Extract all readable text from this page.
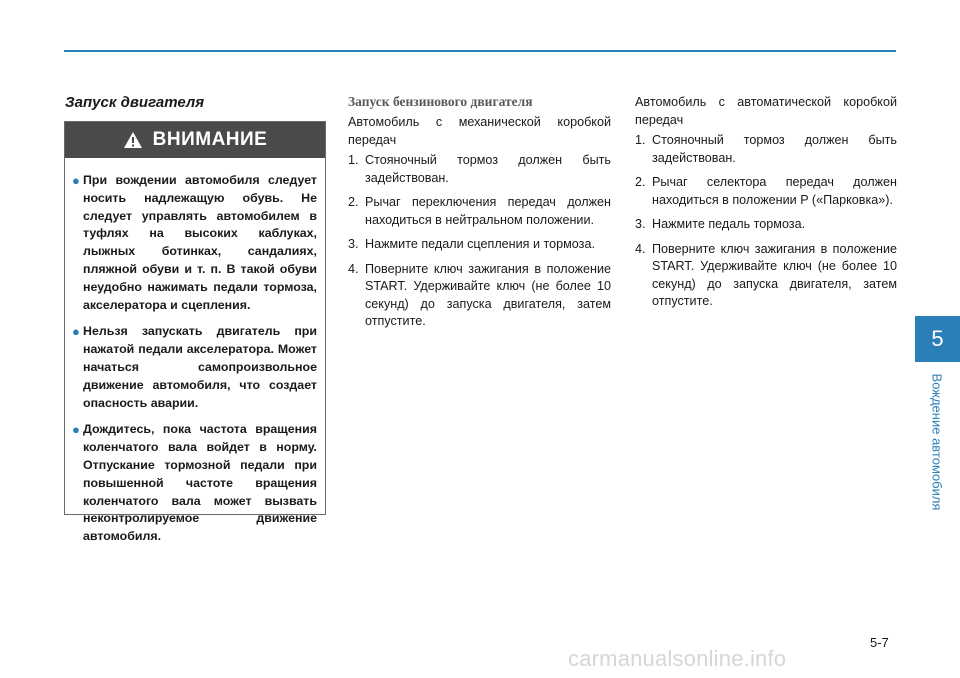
Запуск двигателя
ВНИМАНИЕ
● При вождении автомобиля следует носить надлежащую обувь. Не следует управлять автомобилем в туфлях на высоких каблуках, лыжных ботинках, сандалиях, пляжной обуви и т. п. В такой обуви неудобно нажимать педали тормоза, акселератора и сцепления.
● Нельзя запускать двигатель при нажатой педали акселератора. Может начаться самопроизвольное движение автомобиля, что создает опасность аварии.
● Дождитесь, пока частота вращения коленчатого вала войдет в норму. Отпускание тормозной педали при повышенной частоте вращения коленчатого вала может вызвать неконтролируемое движение автомобиля.
Запуск бензинового двигателя

Автомобиль с механической коробкой передач

1. Стояночный тормоз должен быть задействован.
2. Рычаг переключения передач должен находиться в нейтральном положении.
3. Нажмите педали сцепления и тормоза.
4. Поверните ключ зажигания в положение START. Удерживайте ключ (не более 10 секунд) до запуска двигателя, затем отпустите.

Автомобиль с автоматической коробкой передач

1. Стояночный тормоз должен быть задействован.
2. Рычаг селектора передач должен находиться в положении P («Парковка»).
3. Нажмите педаль тормоза.
4. Поверните ключ зажигания в положение START. Удерживайте ключ (не более 10 секунд) до запуска двигателя, затем отпустите.
5
Вождение автомобиля
5-7
carmanualsonline.info
